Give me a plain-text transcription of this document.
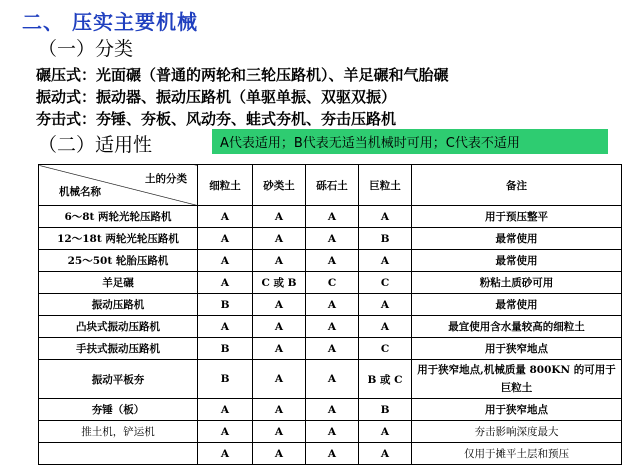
二、 压实主要机械
（一）分类
碾压式：光面碾（普通的两轮和三轮压路机）、羊足碾和气胎碾
振动式：振动器、振动压路机（单驱单振、双驱双振）
夯击式：夯锤、夯板、风动夯、蛙式夯机、夯击压路机
（二）适用性	A代表适用；B代表无适当机械时可用；C代表不适用
土的分类
机械名称	细粒土	砂类土	砾石土	巨粒土	备注
6～8t 两轮光轮压路机	A	A	A	A	用于预压整平
12～18t 两轮光轮压路机	A	A	A	B	最常使用
25～50t 轮胎压路机	A	A	A	A	最常使用
羊足碾	A	C 或 B	C	C	粉粘土质砂可用
振动压路机	B	A	A	A	最常使用
凸块式振动压路机	A	A	A	A	最宜使用含水量较高的细粒土
手扶式振动压路机	B	A	A	C	用于狭窄地点
振动平板夯	B	A	A	B 或 C	用于狭窄地点,机械质量 800KN 的可用于巨粒土
夯锤（板）	A	A	A	B	用于狭窄地点
推土机，铲运机	A	A	A	A	夯击影响深度最大
	A	A	A	A	仅用于摊平土层和预压
